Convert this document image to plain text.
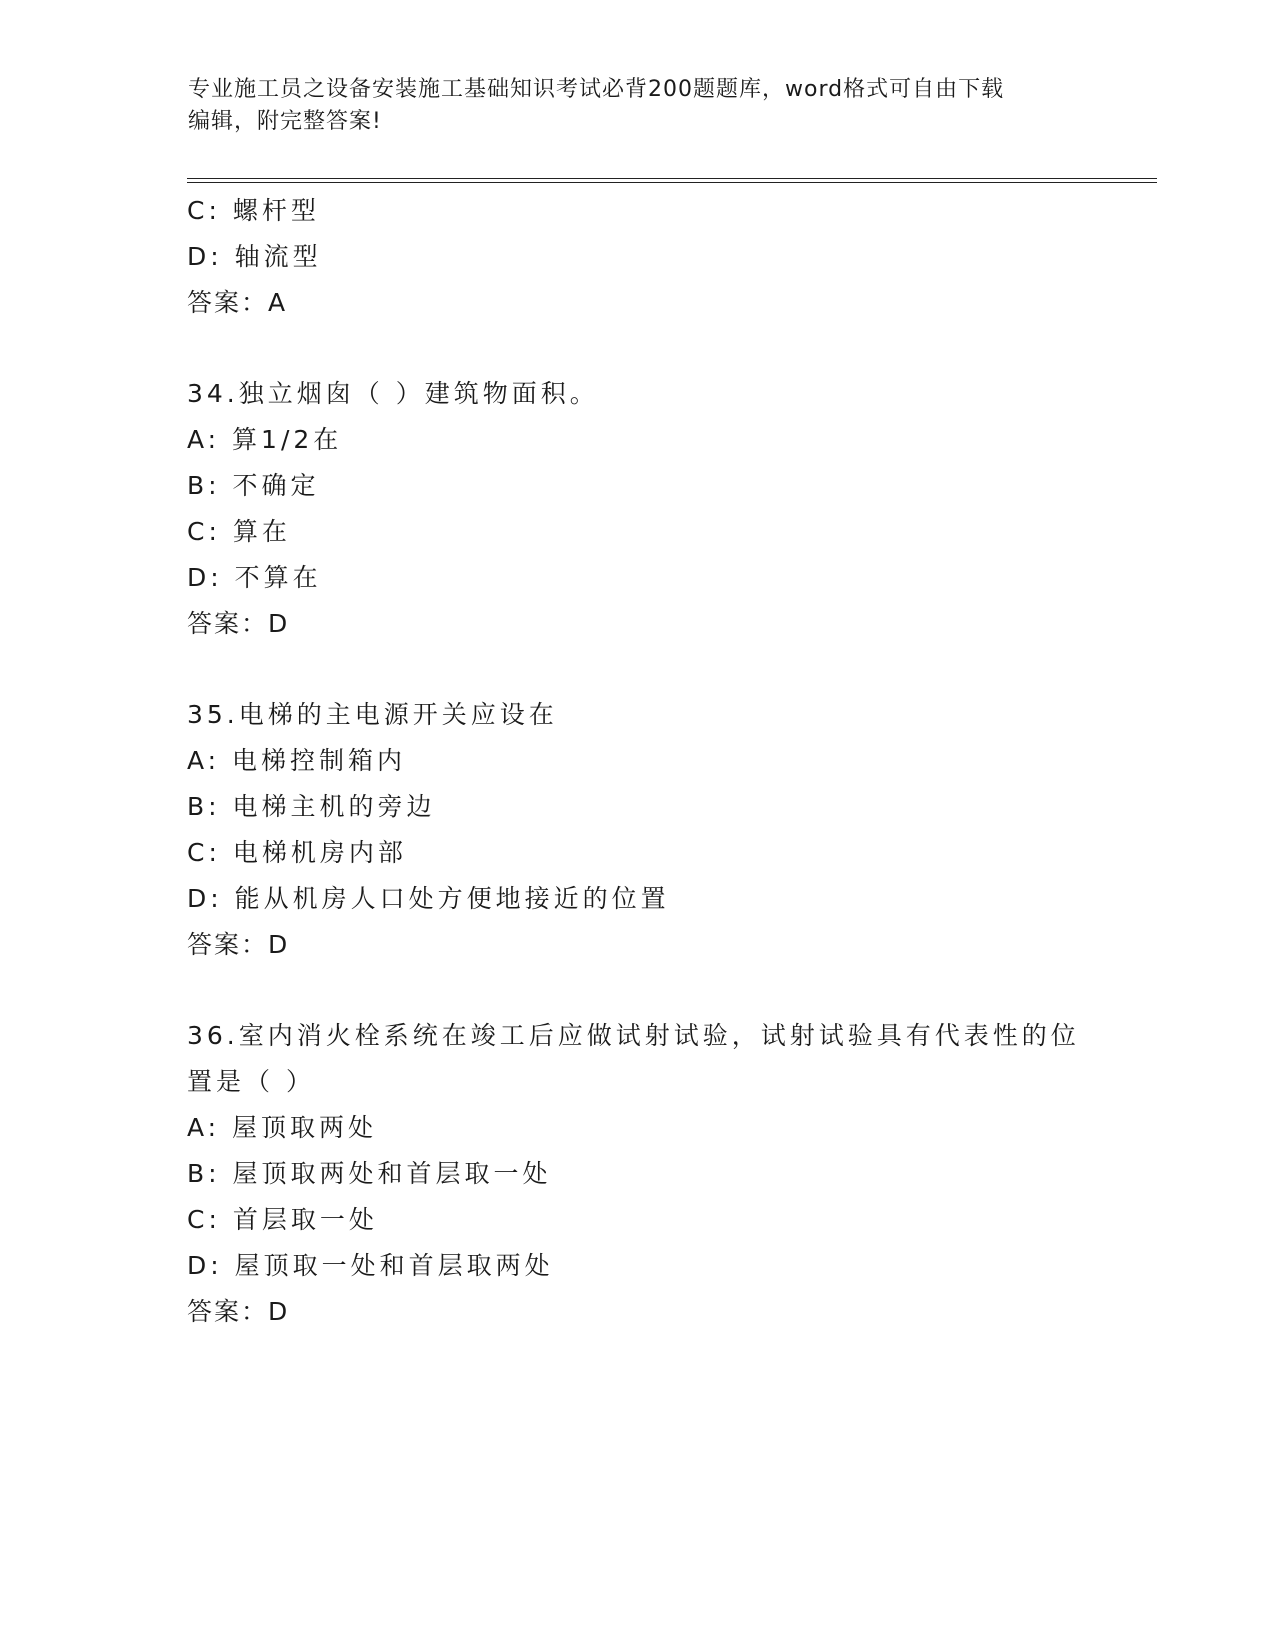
专业施工员之设备安装施工基础知识考试必背200题题库，word格式可自由下载
编辑，附完整答案!
C: 螺杆型
D: 轴流型
答案：A
34.独立烟囱（ ）建筑物面积。
A: 算1/2在
B: 不确定
C: 算在
D: 不算在
答案：D
35.电梯的主电源开关应设在
A: 电梯控制箱内
B: 电梯主机的旁边
C: 电梯机房内部
D: 能从机房人口处方便地接近的位置
答案：D
36.室内消火栓系统在竣工后应做试射试验，试射试验具有代表性的位
置是（ ）
A: 屋顶取两处
B: 屋顶取两处和首层取一处
C: 首层取一处
D: 屋顶取一处和首层取两处
答案：D
